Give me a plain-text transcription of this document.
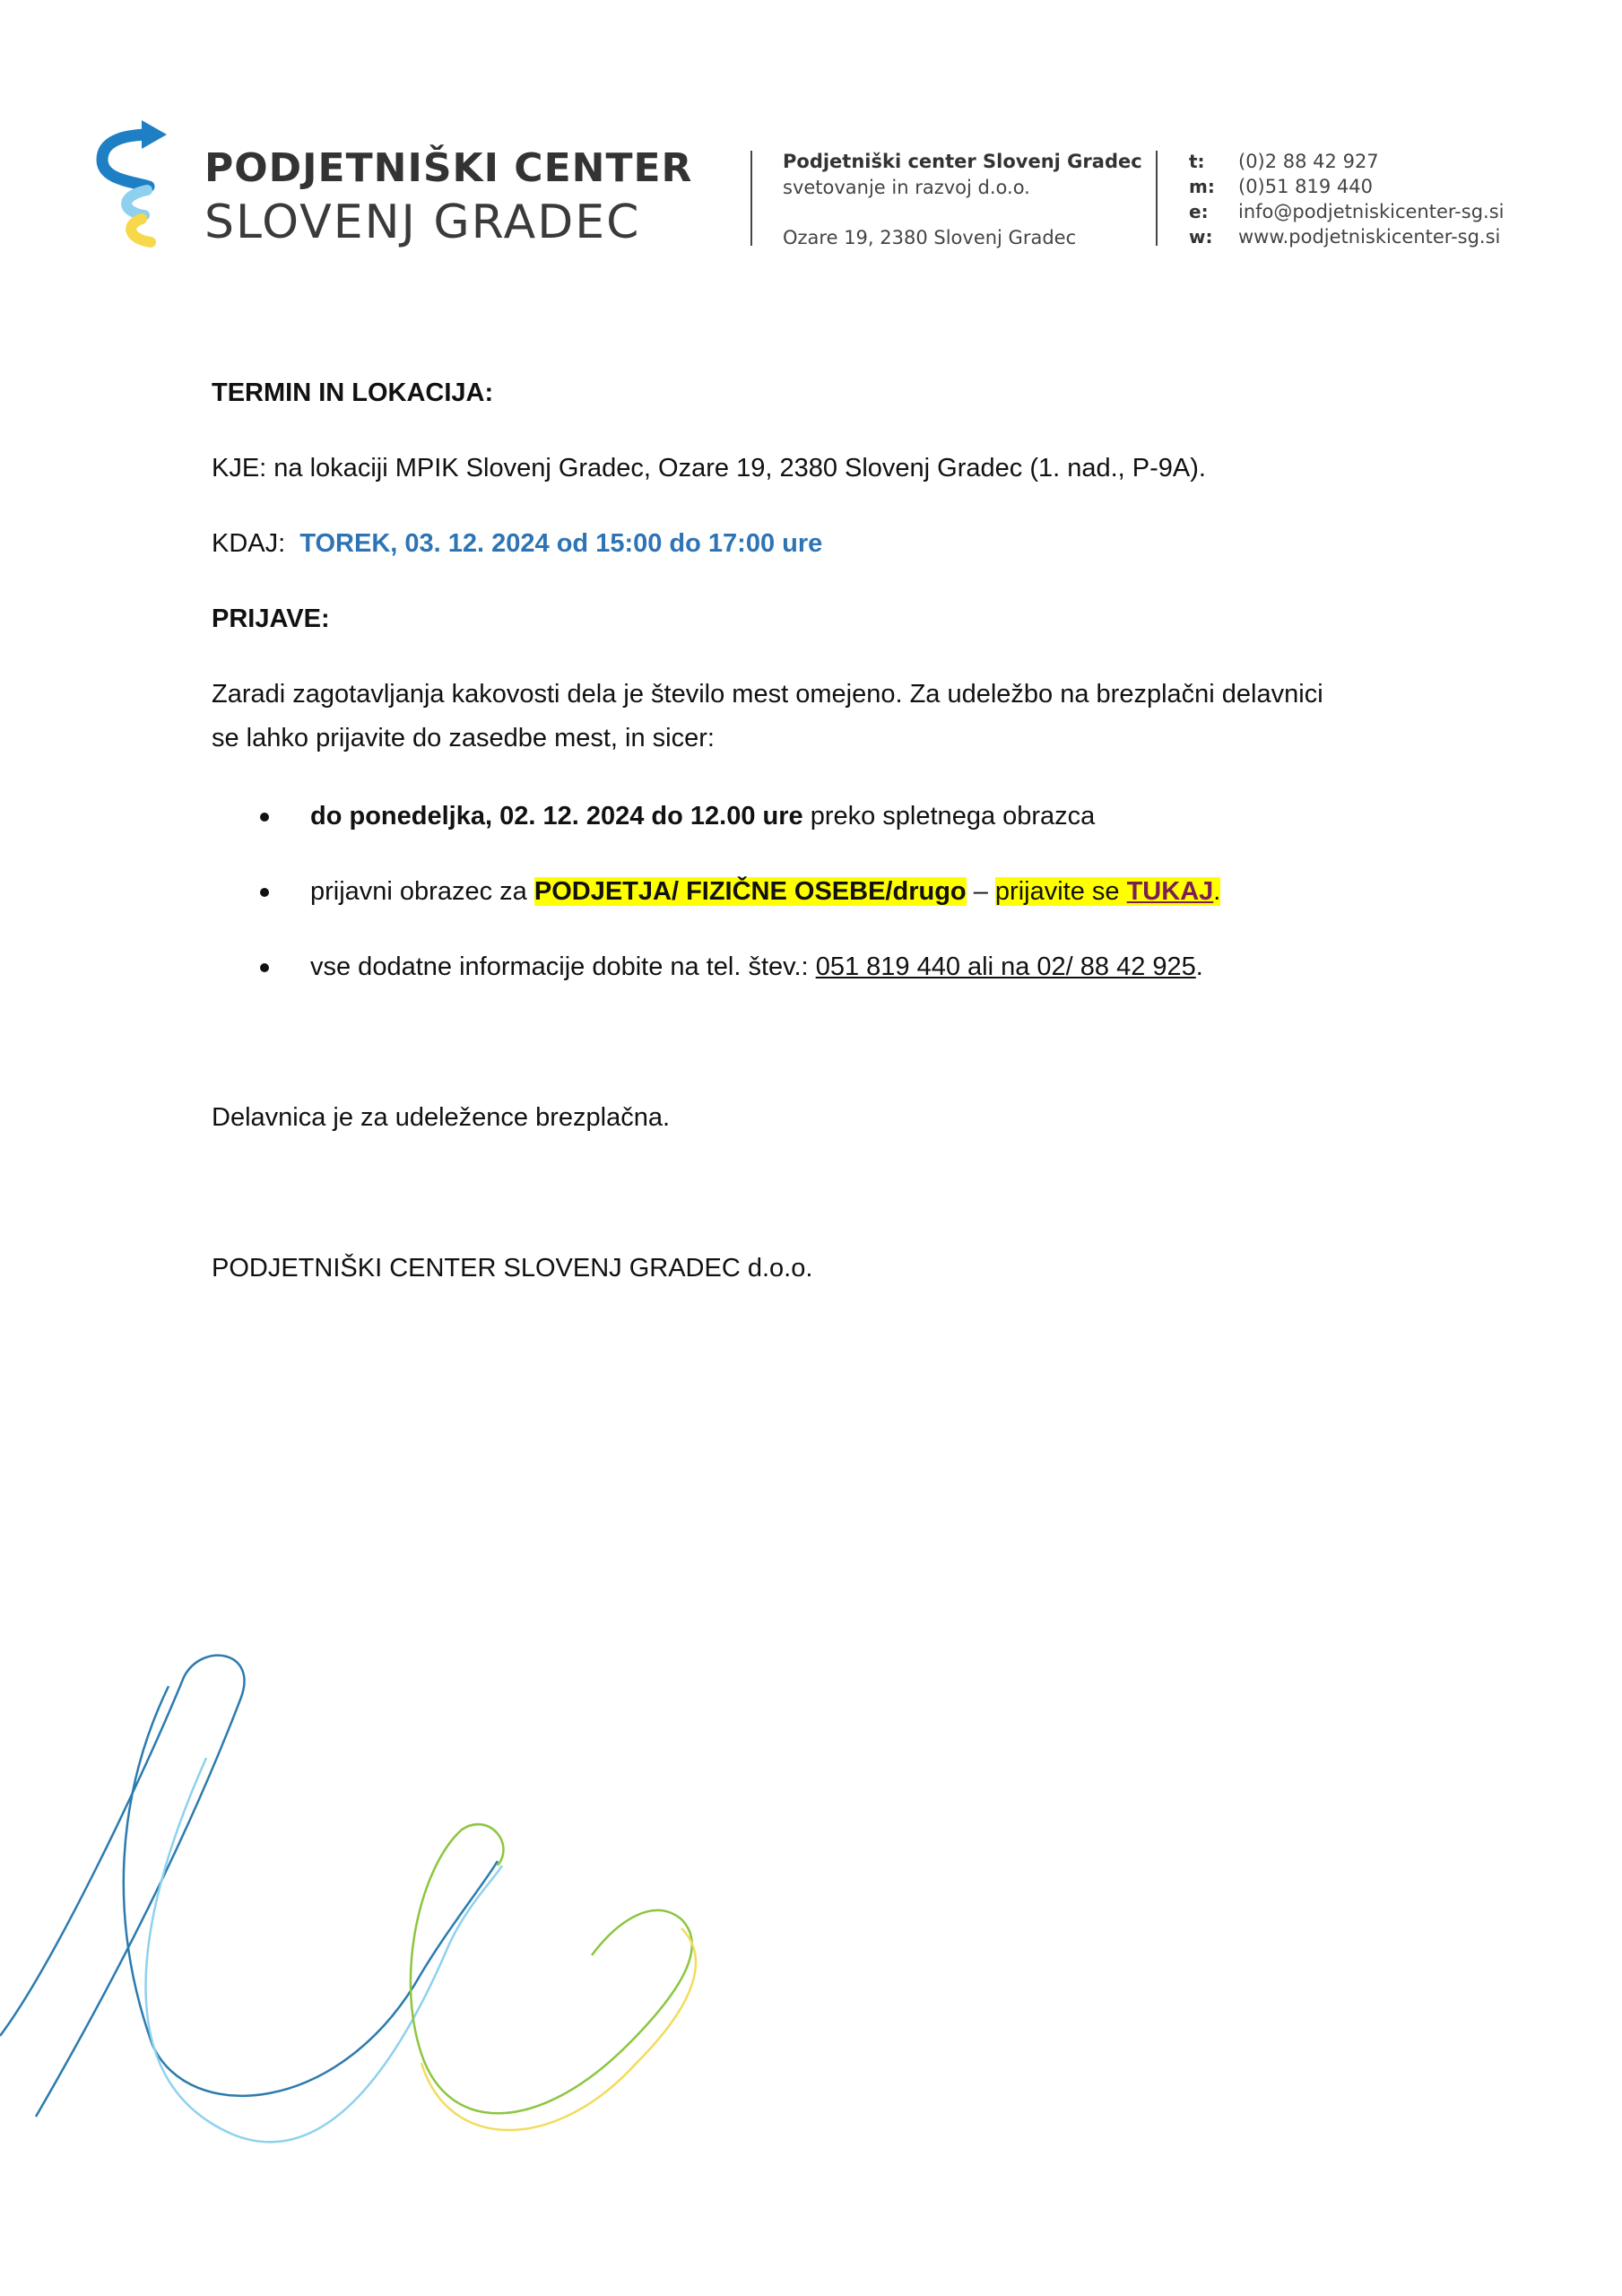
PODJETNIŠKI CENTER
SLOVENJ GRADEC
Podjetniški center Slovenj Gradec
svetovanje in razvoj d.o.o.
Ozare 19, 2380 Slovenj Gradec
t: (0)2 88 42 927
m: (0)51 819 440
e: info@podjetniskicenter-sg.si
w: www.podjetniskicenter-sg.si
TERMIN IN LOKACIJA:
KJE: na lokaciji MPIK Slovenj Gradec, Ozare 19, 2380 Slovenj Gradec (1. nad., P-9A).
KDAJ: TOREK, 03. 12. 2024 od 15:00 do 17:00 ure
PRIJAVE:
Zaradi zagotavljanja kakovosti dela je število mest omejeno. Za udeležbo na brezplačni delavnici
se lahko prijavite do zasedbe mest, in sicer:
do ponedeljka, 02. 12. 2024 do 12.00 ure preko spletnega obrazca
prijavni obrazec za PODJETJA/ FIZIČNE OSEBE/drugo – prijavite se TUKAJ.
vse dodatne informacije dobite na tel. štev.: 051 819 440 ali na 02/ 88 42 925.
Delavnica je za udeležence brezplačna.
PODJETNIŠKI CENTER SLOVENJ GRADEC d.o.o.
